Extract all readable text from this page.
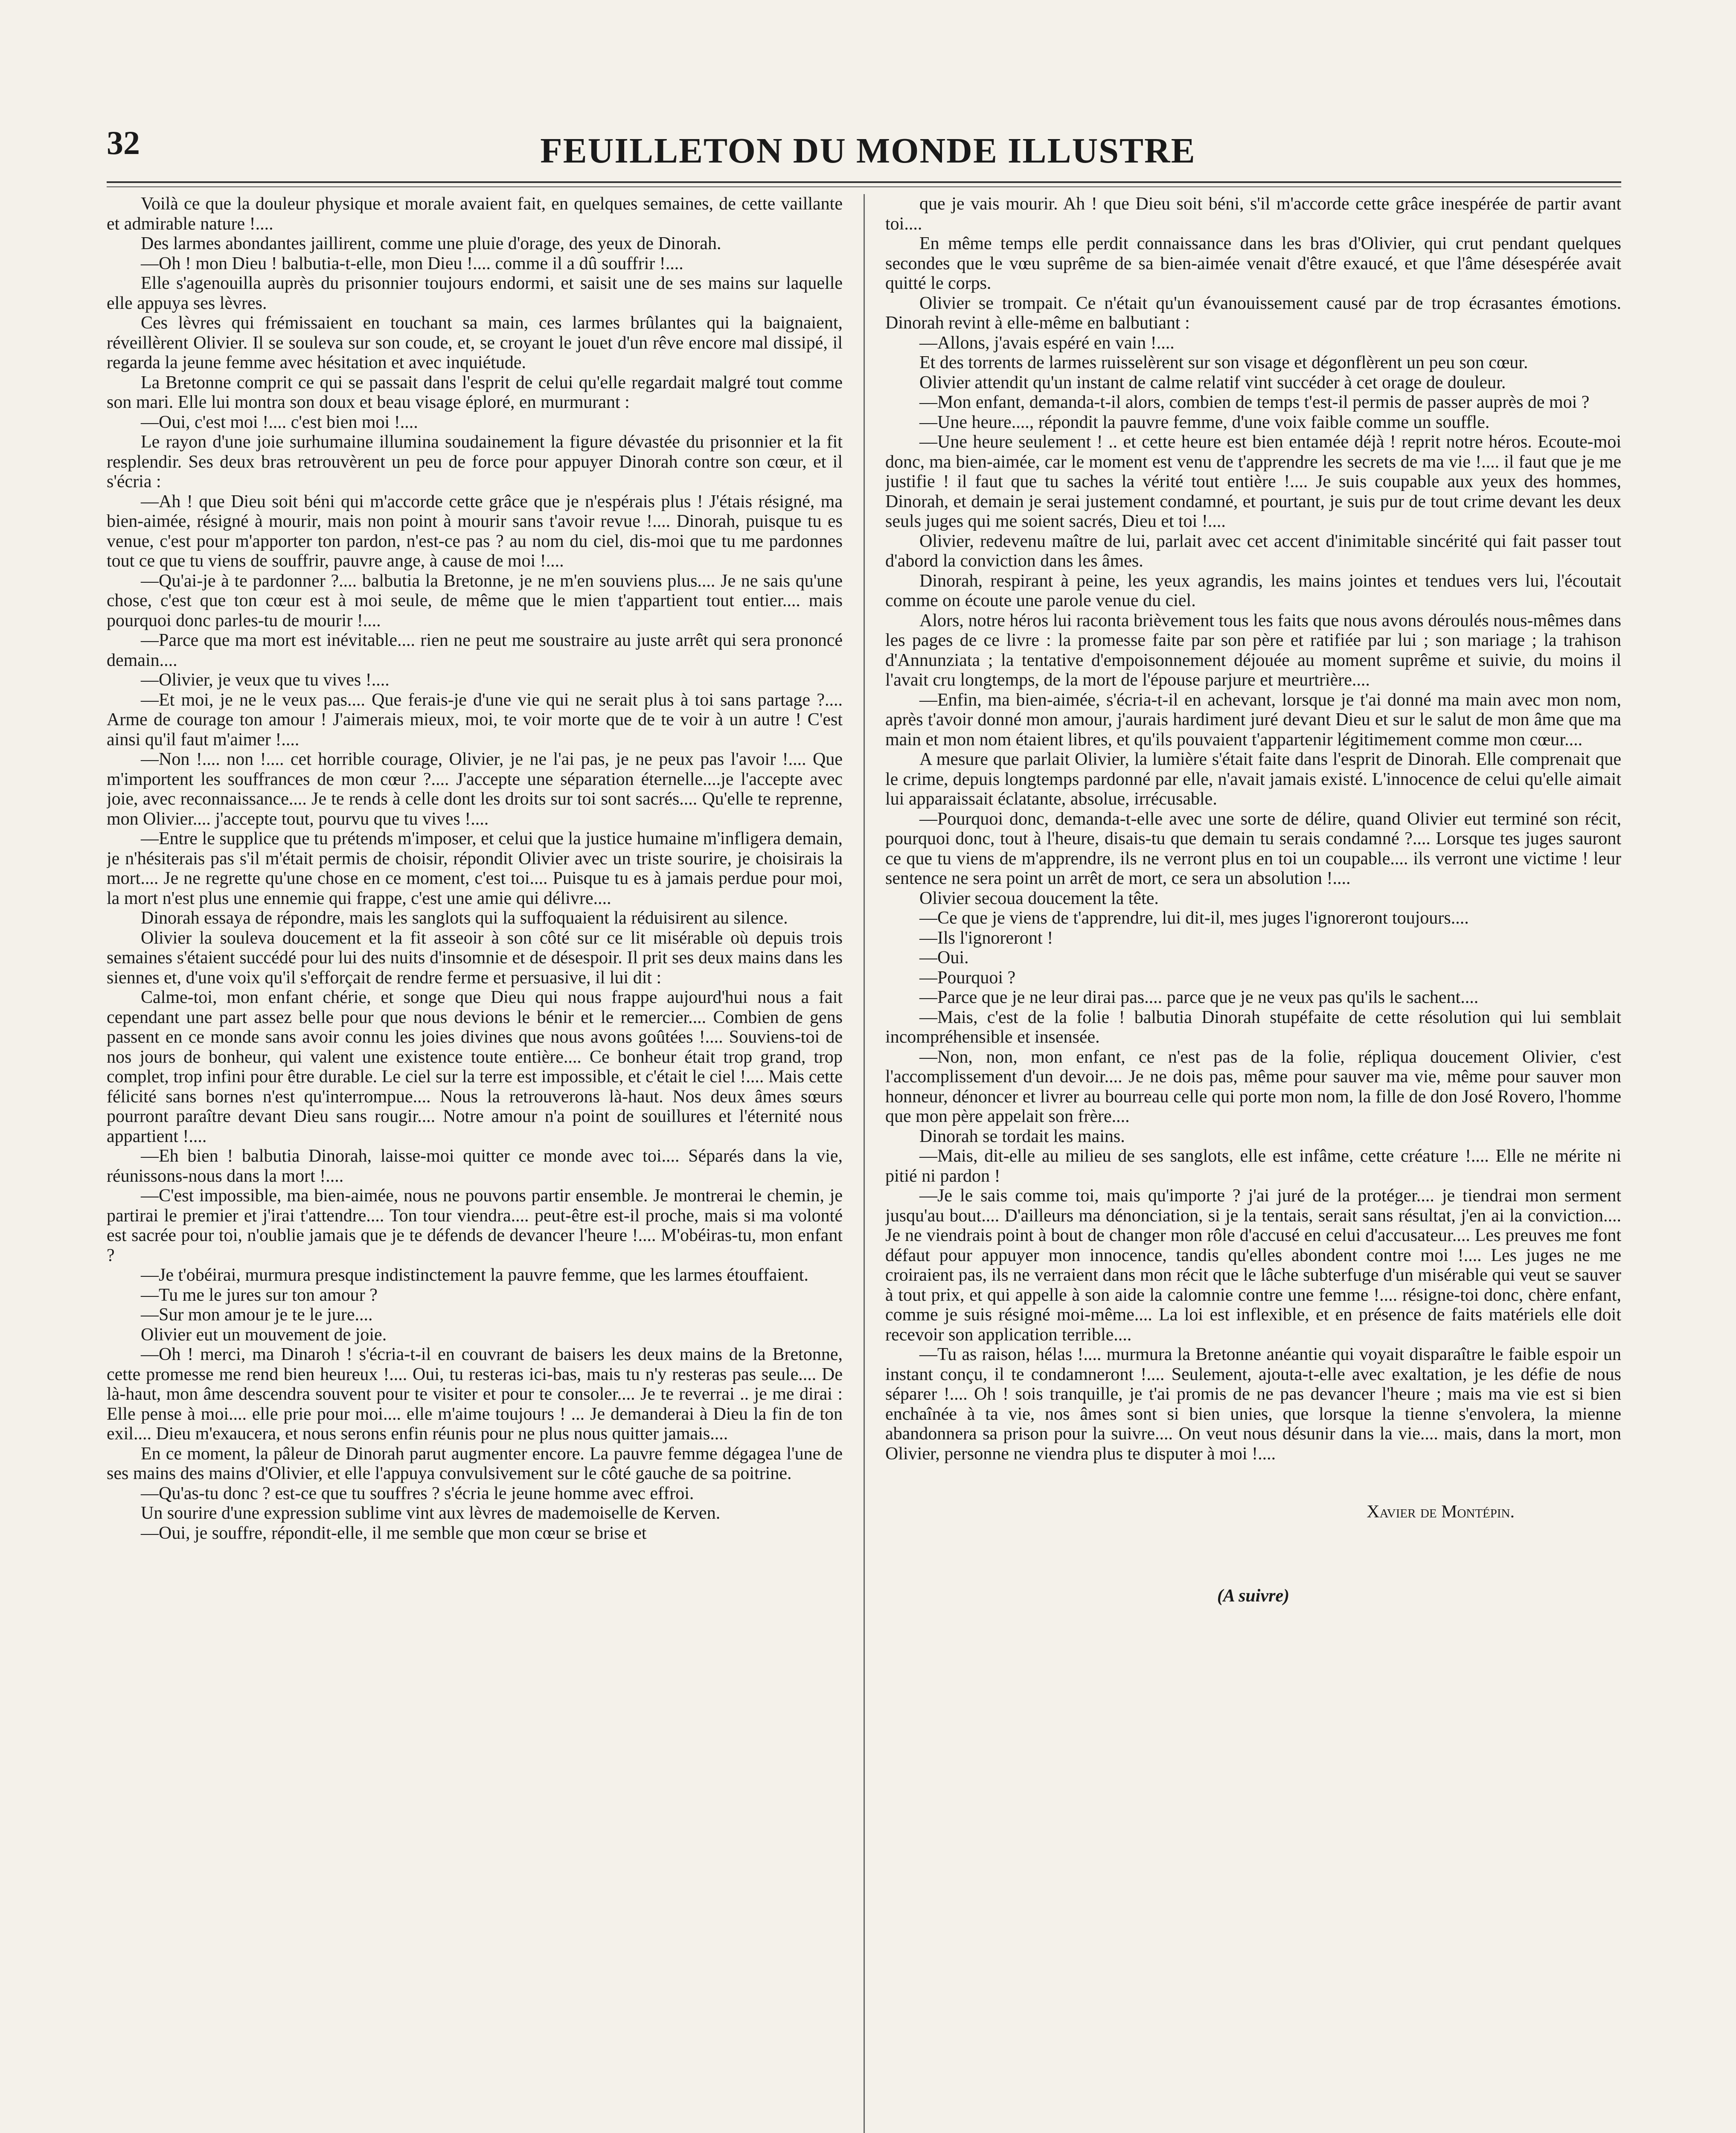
32	FEUILLETON DU MONDE ILLUSTRE

Voilà ce que la douleur physique et morale avaient fait, en quelques semaines, de cette vaillante et admirable nature !....

Des larmes abondantes jaillirent, comme une pluie d'orage, des yeux de Dinorah.

—Oh ! mon Dieu ! balbutia-t-elle, mon Dieu !.... comme il a dû souffrir !....

Elle s'agenouilla auprès du prisonnier toujours endormi, et saisit une de ses mains sur laquelle elle appuya ses lèvres.

Ces lèvres qui frémissaient en touchant sa main, ces larmes brûlantes qui la baignaient, réveillèrent Olivier. Il se souleva sur son coude, et, se croyant le jouet d'un rêve encore mal dissipé, il regarda la jeune femme avec hésitation et avec inquiétude.

La Bretonne comprit ce qui se passait dans l'esprit de celui qu'elle regardait malgré tout comme son mari. Elle lui montra son doux et beau visage éploré, en murmurant :

—Oui, c'est moi !.... c'est bien moi !....

Le rayon d'une joie surhumaine illumina soudainement la figure dévastée du prisonnier et la fit resplendir. Ses deux bras retrouvèrent un peu de force pour appuyer Dinorah contre son cœur, et il s'écria :

—Ah ! que Dieu soit béni qui m'accorde cette grâce que je n'espérais plus ! J'étais résigné, ma bien-aimée, résigné à mourir, mais non point à mourir sans t'avoir revue !.... Dinorah, puisque tu es venue, c'est pour m'apporter ton pardon, n'est-ce pas ? au nom du ciel, dis-moi que tu me pardonnes tout ce que tu viens de souffrir, pauvre ange, à cause de moi !....

—Qu'ai-je à te pardonner ?.... balbutia la Bretonne, je ne m'en souviens plus.... Je ne sais qu'une chose, c'est que ton cœur est à moi seule, de même que le mien t'appartient tout entier.... mais pourquoi donc parles-tu de mourir !....

—Parce que ma mort est inévitable.... rien ne peut me soustraire au juste arrêt qui sera prononcé demain....

—Olivier, je veux que tu vives !....

—Et moi, je ne le veux pas.... Que ferais-je d'une vie qui ne serait plus à toi sans partage ?.... Arme de courage ton amour ! J'aimerais mieux, moi, te voir morte que de te voir à un autre ! C'est ainsi qu'il faut m'aimer !....

—Non !.... non !.... cet horrible courage, Olivier, je ne l'ai pas, je ne peux pas l'avoir !.... Que m'importent les souffrances de mon cœur ?.... J'accepte une séparation éternelle....je l'accepte avec joie, avec reconnaissance.... Je te rends à celle dont les droits sur toi sont sacrés.... Qu'elle te reprenne, mon Olivier.... j'accepte tout, pourvu que tu vives !....

—Entre le supplice que tu prétends m'imposer, et celui que la justice humaine m'infligera demain, je n'hésiterais pas s'il m'était permis de choisir, répondit Olivier avec un triste sourire, je choisirais la mort.... Je ne regrette qu'une chose en ce moment, c'est toi.... Puisque tu es à jamais perdue pour moi, la mort n'est plus une ennemie qui frappe, c'est une amie qui délivre....

Dinorah essaya de répondre, mais les sanglots qui la suffoquaient la réduisirent au silence.

Olivier la souleva doucement et la fit asseoir à son côté sur ce lit misérable où depuis trois semaines s'étaient succédé pour lui des nuits d'insomnie et de désespoir. Il prit ses deux mains dans les siennes et, d'une voix qu'il s'efforçait de rendre ferme et persuasive, il lui dit :

Calme-toi, mon enfant chérie, et songe que Dieu qui nous frappe aujourd'hui nous a fait cependant une part assez belle pour que nous devions le bénir et le remercier.... Combien de gens passent en ce monde sans avoir connu les joies divines que nous avons goûtées !.... Souviens-toi de nos jours de bonheur, qui valent une existence toute entière.... Ce bonheur était trop grand, trop complet, trop infini pour être durable. Le ciel sur la terre est impossible, et c'était le ciel !.... Mais cette félicité sans bornes n'est qu'interrompue.... Nous la retrouverons là-haut. Nos deux âmes sœurs pourront paraître devant Dieu sans rougir.... Notre amour n'a point de souillures et l'éternité nous appartient !....

—Eh bien ! balbutia Dinorah, laisse-moi quitter ce monde avec toi.... Séparés dans la vie, réunissons-nous dans la mort !....

—C'est impossible, ma bien-aimée, nous ne pouvons partir ensemble. Je montrerai le chemin, je partirai le premier et j'irai t'attendre.... Ton tour viendra.... peut-être est-il proche, mais si ma volonté est sacrée pour toi, n'oublie jamais que je te défends de devancer l'heure !.... M'obéiras-tu, mon enfant ?

—Je t'obéirai, murmura presque indistinctement la pauvre femme, que les larmes étouffaient.

—Tu me le jures sur ton amour ?

—Sur mon amour je te le jure....

Olivier eut un mouvement de joie.

—Oh ! merci, ma Dinaroh ! s'écria-t-il en couvrant de baisers les deux mains de la Bretonne, cette promesse me rend bien heureux !.... Oui, tu resteras ici-bas, mais tu n'y resteras pas seule.... De là-haut, mon âme descendra souvent pour te visiter et pour te consoler.... Je te reverrai .. je me dirai : Elle pense à moi.... elle prie pour moi.... elle m'aime toujours ! ... Je demanderai à Dieu la fin de ton exil.... Dieu m'exaucera, et nous serons enfin réunis pour ne plus nous quitter jamais....

En ce moment, la pâleur de Dinorah parut augmenter encore. La pauvre femme dégagea l'une de ses mains des mains d'Olivier, et elle l'appuya convulsivement sur le côté gauche de sa poitrine.

—Qu'as-tu donc ? est-ce que tu souffres ? s'écria le jeune homme avec effroi.

Un sourire d'une expression sublime vint aux lèvres de mademoiselle de Kerven.

—Oui, je souffre, répondit-elle, il me semble que mon cœur se brise et

que je vais mourir. Ah ! que Dieu soit béni, s'il m'accorde cette grâce inespérée de partir avant toi....

En même temps elle perdit connaissance dans les bras d'Olivier, qui crut pendant quelques secondes que le vœu suprême de sa bien-aimée venait d'être exaucé, et que l'âme désespérée avait quitté le corps.

Olivier se trompait. Ce n'était qu'un évanouissement causé par de trop écrasantes émotions. Dinorah revint à elle-même en balbutiant :

—Allons, j'avais espéré en vain !....

Et des torrents de larmes ruisselèrent sur son visage et dégonflèrent un peu son cœur.

Olivier attendit qu'un instant de calme relatif vint succéder à cet orage de douleur.

—Mon enfant, demanda-t-il alors, combien de temps t'est-il permis de passer auprès de moi ?

—Une heure...., répondit la pauvre femme, d'une voix faible comme un souffle.

—Une heure seulement ! .. et cette heure est bien entamée déjà ! reprit notre héros. Ecoute-moi donc, ma bien-aimée, car le moment est venu de t'apprendre les secrets de ma vie !.... il faut que je me justifie ! il faut que tu saches la vérité tout entière !.... Je suis coupable aux yeux des hommes, Dinorah, et demain je serai justement condamné, et pourtant, je suis pur de tout crime devant les deux seuls juges qui me soient sacrés, Dieu et toi !....

Olivier, redevenu maître de lui, parlait avec cet accent d'inimitable sincérité qui fait passer tout d'abord la conviction dans les âmes.

Dinorah, respirant à peine, les yeux agrandis, les mains jointes et tendues vers lui, l'écoutait comme on écoute une parole venue du ciel.

Alors, notre héros lui raconta brièvement tous les faits que nous avons déroulés nous-mêmes dans les pages de ce livre : la promesse faite par son père et ratifiée par lui ; son mariage ; la trahison d'Annunziata ; la tentative d'empoisonnement déjouée au moment suprême et suivie, du moins il l'avait cru longtemps, de la mort de l'épouse parjure et meurtrière....

—Enfin, ma bien-aimée, s'écria-t-il en achevant, lorsque je t'ai donné ma main avec mon nom, après t'avoir donné mon amour, j'aurais hardiment juré devant Dieu et sur le salut de mon âme que ma main et mon nom étaient libres, et qu'ils pouvaient t'appartenir légitimement comme mon cœur....

A mesure que parlait Olivier, la lumière s'était faite dans l'esprit de Dinorah. Elle comprenait que le crime, depuis longtemps pardonné par elle, n'avait jamais existé. L'innocence de celui qu'elle aimait lui apparaissait éclatante, absolue, irrécusable.

—Pourquoi donc, demanda-t-elle avec une sorte de délire, quand Olivier eut terminé son récit, pourquoi donc, tout à l'heure, disais-tu que demain tu serais condamné ?.... Lorsque tes juges sauront ce que tu viens de m'apprendre, ils ne verront plus en toi un coupable.... ils verront une victime ! leur sentence ne sera point un arrêt de mort, ce sera un absolution !....

Olivier secoua doucement la tête.

—Ce que je viens de t'apprendre, lui dit-il, mes juges l'ignoreront toujours....

—Ils l'ignoreront !

—Oui.

—Pourquoi ?

—Parce que je ne leur dirai pas.... parce que je ne veux pas qu'ils le sachent....

—Mais, c'est de la folie ! balbutia Dinorah stupéfaite de cette résolution qui lui semblait incompréhensible et insensée.

—Non, non, mon enfant, ce n'est pas de la folie, répliqua doucement Olivier, c'est l'accomplissement d'un devoir.... Je ne dois pas, même pour sauver ma vie, même pour sauver mon honneur, dénoncer et livrer au bourreau celle qui porte mon nom, la fille de don José Rovero, l'homme que mon père appelait son frère....

Dinorah se tordait les mains.

—Mais, dit-elle au milieu de ses sanglots, elle est infâme, cette créature !.... Elle ne mérite ni pitié ni pardon !

—Je le sais comme toi, mais qu'importe ? j'ai juré de la protéger.... je tiendrai mon serment jusqu'au bout.... D'ailleurs ma dénonciation, si je la tentais, serait sans résultat, j'en ai la conviction.... Je ne viendrais point à bout de changer mon rôle d'accusé en celui d'accusateur.... Les preuves me font défaut pour appuyer mon innocence, tandis qu'elles abondent contre moi !.... Les juges ne me croiraient pas, ils ne verraient dans mon récit que le lâche subterfuge d'un misérable qui veut se sauver à tout prix, et qui appelle à son aide la calomnie contre une femme !.... résigne-toi donc, chère enfant, comme je suis résigné moi-même.... La loi est inflexible, et en présence de faits matériels elle doit recevoir son application terrible....

—Tu as raison, hélas !.... murmura la Bretonne anéantie qui voyait disparaître le faible espoir un instant conçu, il te condamneront !.... Seulement, ajouta-t-elle avec exaltation, je les défie de nous séparer !.... Oh ! sois tranquille, je t'ai promis de ne pas devancer l'heure ; mais ma vie est si bien enchaînée à ta vie, nos âmes sont si bien unies, que lorsque la tienne s'envolera, la mienne abandonnera sa prison pour la suivre.... On veut nous désunir dans la vie.... mais, dans la mort, mon Olivier, personne ne viendra plus te disputer à moi !....

Xavier de Montépin.

(A suivre)
